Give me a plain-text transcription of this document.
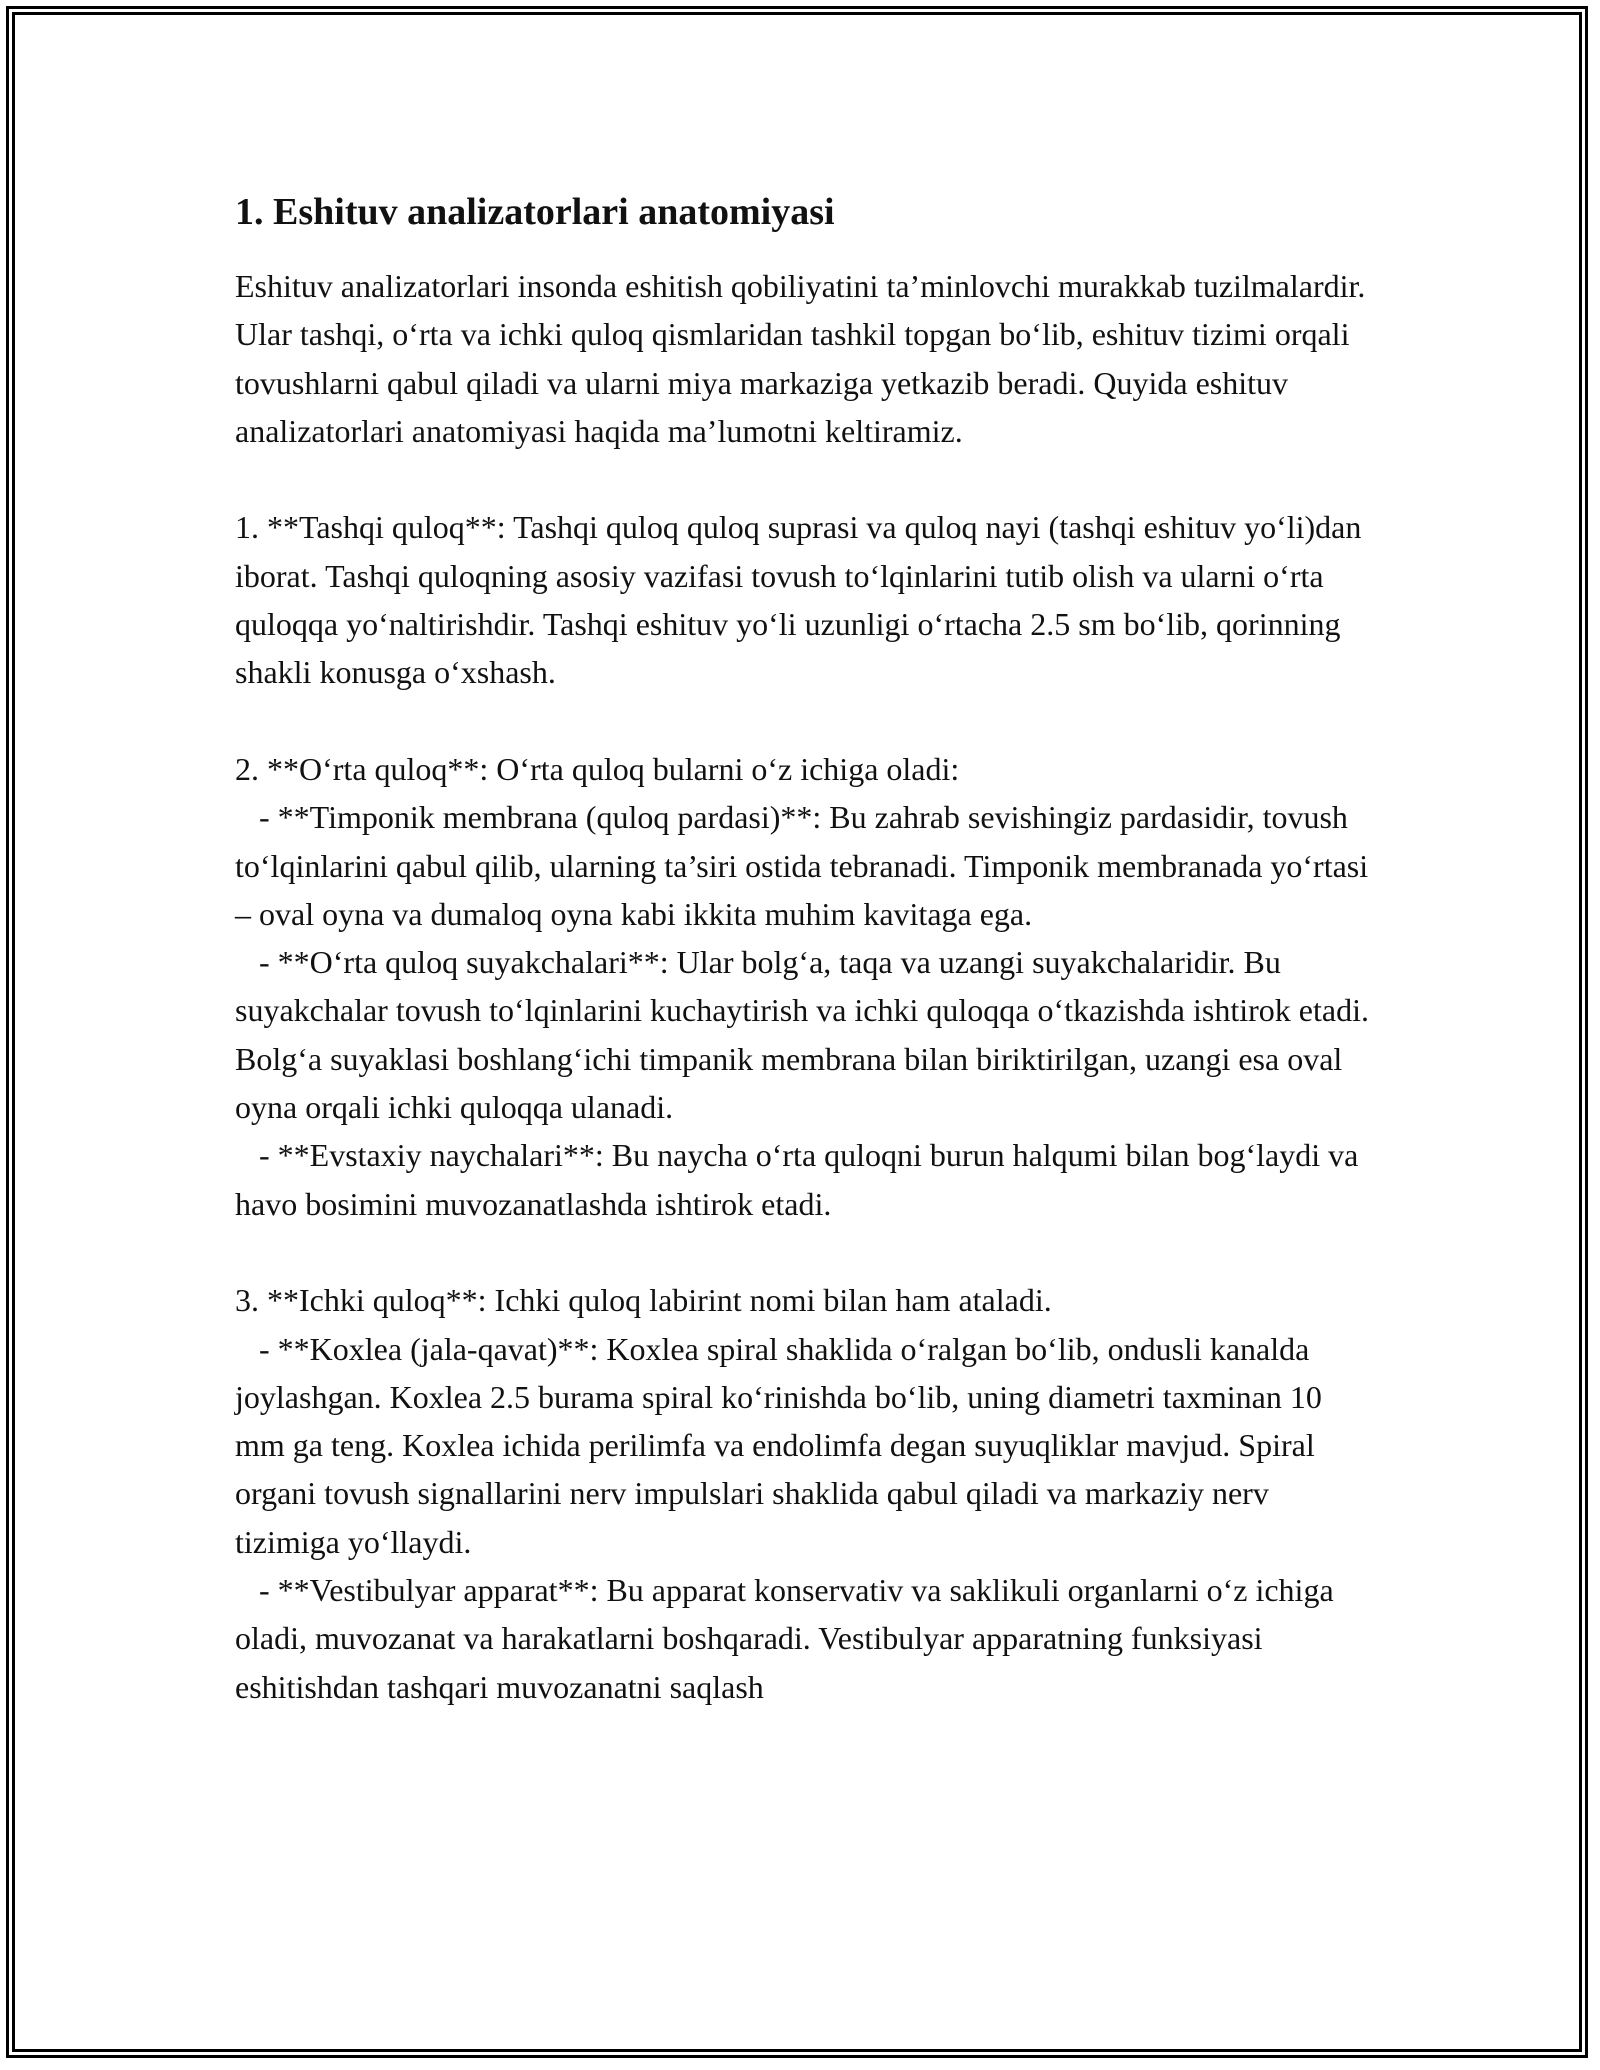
1. Eshituv analizatorlari anatomiyasi

Eshituv analizatorlari insonda eshitish qobiliyatini ta’minlovchi murakkab tuzilmalardir. Ular tashqi, o‘rta va ichki quloq qismlaridan tashkil topgan bo‘lib, eshituv tizimi orqali tovushlarni qabul qiladi va ularni miya markaziga yetkazib beradi. Quyida eshituv analizatorlari anatomiyasi haqida ma’lumotni keltiramiz.

1. **Tashqi quloq**: Tashqi quloq quloq suprasi va quloq nayi (tashqi eshituv yo‘li)dan iborat. Tashqi quloqning asosiy vazifasi tovush to‘lqinlarini tutib olish va ularni o‘rta quloqqa yo‘naltirishdir. Tashqi eshituv yo‘li uzunligi o‘rtacha 2.5 sm bo‘lib, qorinning shakli konusga o‘xshash.

2. **O‘rta quloq**: O‘rta quloq bularni o‘z ichiga oladi:

- **Timponik membrana (quloq pardasi)**: Bu zahrab sevishingiz pardasidir, tovush to‘lqinlarini qabul qilib, ularning ta’siri ostida tebranadi. Timponik membranada yo‘rtasi – oval oyna va dumaloq oyna kabi ikkita muhim kavitaga ega.

- **O‘rta quloq suyakchalari**: Ular bolg‘a, taqa va uzangi suyakchalaridir. Bu suyakchalar tovush to‘lqinlarini kuchaytirish va ichki quloqqa o‘tkazishda ishtirok etadi. Bolg‘a suyaklasi boshlang‘ichi timpanik membrana bilan biriktirilgan, uzangi esa oval oyna orqali ichki quloqqa ulanadi.

- **Evstaxiy naychalari**: Bu naycha o‘rta quloqni burun halqumi bilan bog‘laydi va havo bosimini muvozanatlashda ishtirok etadi.

3. **Ichki quloq**: Ichki quloq labirint nomi bilan ham ataladi.

- **Koxlea (jala-qavat)**: Koxlea spiral shaklida o‘ralgan bo‘lib, ondusli kanalda joylashgan. Koxlea 2.5 burama spiral ko‘rinishda bo‘lib, uning diametri taxminan 10 mm ga teng. Koxlea ichida perilimfa va endolimfa degan suyuqliklar mavjud. Spiral organi tovush signallarini nerv impulslari shaklida qabul qiladi va markaziy nerv tizimiga yo‘llaydi.

- **Vestibulyar apparat**: Bu apparat konservativ va saklikuli organlarni o‘z ichiga oladi, muvozanat va harakatlarni boshqaradi. Vestibulyar apparatning funksiyasi eshitishdan tashqari muvozanatni saqlash
